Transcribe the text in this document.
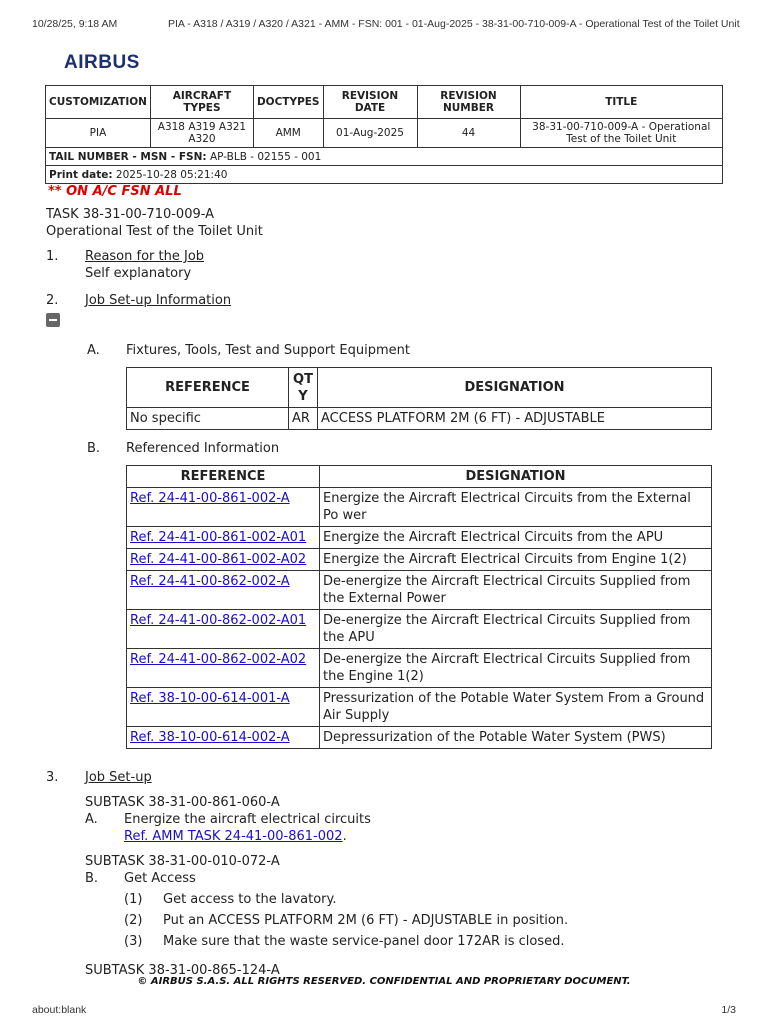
10/28/25, 9:18 AM	PIA - A318 / A319 / A320 / A321 - AMM - FSN: 001 - 01-Aug-2025 - 38-31-00-710-009-A - Operational Test of the Toilet Unit
AIRBUS
CUSTOMIZATION	AIRCRAFT TYPES	DOCTYPES	REVISION DATE	REVISION NUMBER	TITLE
PIA	A318 A319 A321 A320	AMM	01-Aug-2025	44	38-31-00-710-009-A - Operational Test of the Toilet Unit
TAIL NUMBER - MSN - FSN: AP-BLB - 02155 - 001					
Print date: 2025-10-28 05:21:40					
** ON A/C FSN ALL
TASK 38-31-00-710-009-A
Operational Test of the Toilet Unit
1. Reason for the Job
Self explanatory
2. Job Set-up Information
A. Fixtures, Tools, Test and Support Equipment
REFERENCE	QTY	DESIGNATION
No specific	AR	ACCESS PLATFORM 2M (6 FT) - ADJUSTABLE
B. Referenced Information
REFERENCE	DESIGNATION
Ref. 24-41-00-861-002-A	Energize the Aircraft Electrical Circuits from the External Po wer
Ref. 24-41-00-861-002-A01	Energize the Aircraft Electrical Circuits from the APU
Ref. 24-41-00-861-002-A02	Energize the Aircraft Electrical Circuits from Engine 1(2)
Ref. 24-41-00-862-002-A	De-energize the Aircraft Electrical Circuits Supplied from the External Power
Ref. 24-41-00-862-002-A01	De-energize the Aircraft Electrical Circuits Supplied from the APU
Ref. 24-41-00-862-002-A02	De-energize the Aircraft Electrical Circuits Supplied from the Engine 1(2)
Ref. 38-10-00-614-001-A	Pressurization of the Potable Water System From a Ground Air Supply
Ref. 38-10-00-614-002-A	Depressurization of the Potable Water System (PWS)
3. Job Set-up
SUBTASK 38-31-00-861-060-A
A. Energize the aircraft electrical circuits
Ref. AMM TASK 24-41-00-861-002.
SUBTASK 38-31-00-010-072-A
B. Get Access
(1) Get access to the lavatory.
(2) Put an ACCESS PLATFORM 2M (6 FT) - ADJUSTABLE in position.
(3) Make sure that the waste service-panel door 172AR is closed.
SUBTASK 38-31-00-865-124-A
© AIRBUS S.A.S. ALL RIGHTS RESERVED. CONFIDENTIAL AND PROPRIETARY DOCUMENT.
about:blank	1/3
